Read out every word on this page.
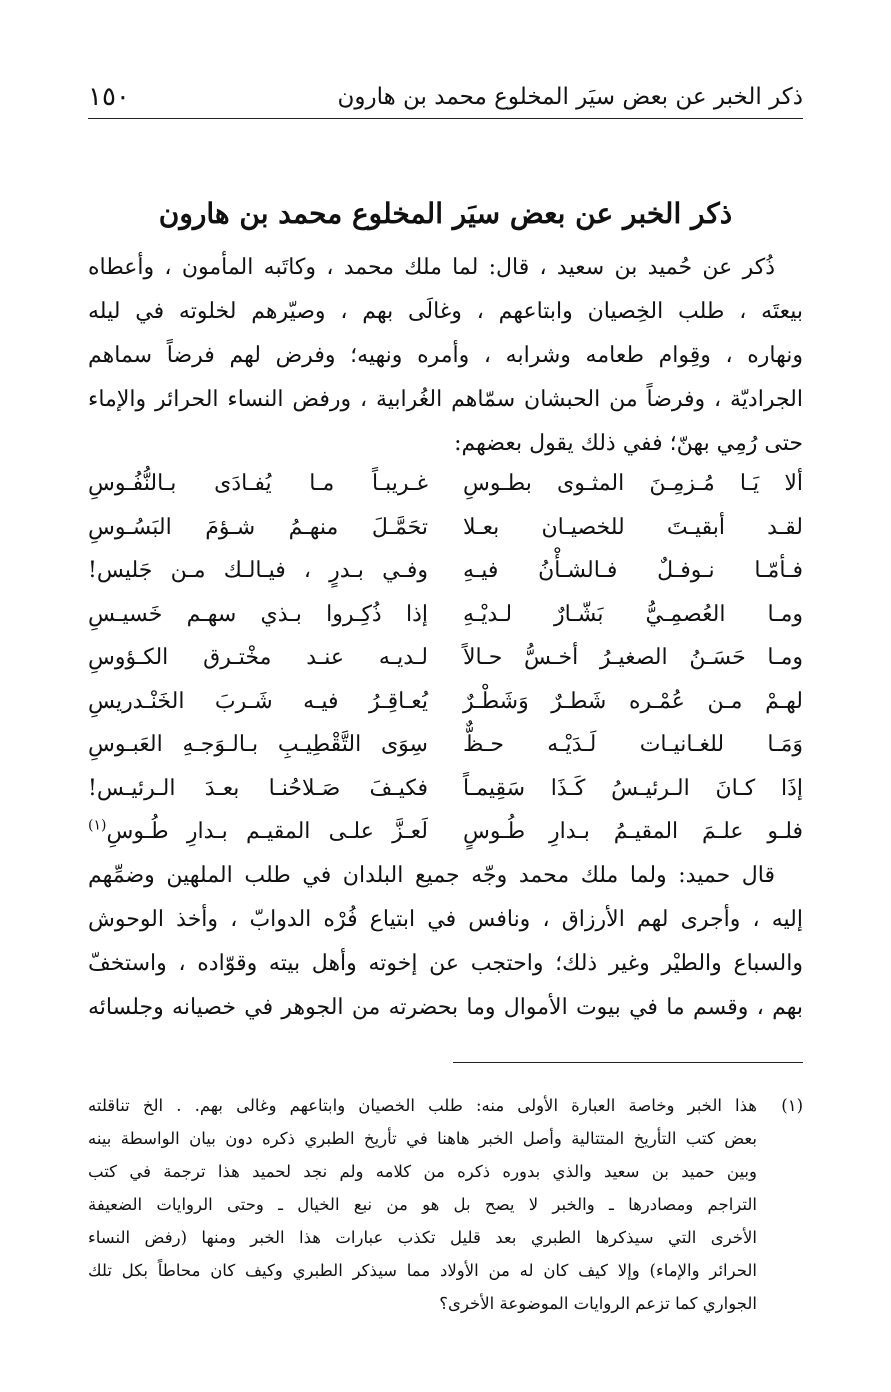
ذكر الخبر عن بعض سيَر المخلوع محمد بن هارون
١٥٠
ذكر الخبر عن بعض سيَر المخلوع محمد بن هارون
ذُكر عن حُميد بن سعيد ، قال: لما ملك محمد ، وكاتَبه المأمون ، وأعطاه
بيعتَه ، طلب الخِصيان وابتاعهم ، وغالَى بهم ، وصيّرهم لخلوته في ليله
ونهاره ، وقِوام طعامه وشرابه ، وأمره ونهيه؛ وفرض لهم فرضاً سماهم
الجراديّة ، وفرضاً من الحبشان سمّاهم الغُرابية ، ورفض النساء الحرائر والإماء
حتى رُمِي بهنّ؛ ففي ذلك يقول بعضهم:
ألا يَـا مُـزمِـنَ المثـوى بطـوسِ
غـريبـاً مـا يُفـادَى بـالنُّفُـوسِ
لقـد أبقيـتَ للخصيـان بعـلا
تحَمَّـلَ منهـمُ شـؤمَ البَسُـوسِ
فـأمّـا نـوفـلٌ فـالشـأْنُ فيـهِ
وفـي بـدرٍ ، فيـالـك مـن جَليس!
ومـا العُصمِـيُّ بَشّـارٌ لـديْـهِ
إذا ذُكِـروا بـذي سهـم خَسيـسِ
ومـا حَسَـنُ الصغيـرُ أخـسُّ حـالاً
لـديـه عنـد مخْتـرق الكـؤوسِ
لهـمْ مـن عُمْـره شَطـرٌ وَشَطْـرٌ
يُعـاقِـرُ فيـه شَـربَ الخَنْـدريسِ
وَمَـا للغـانيـات لَـدَيْـه حـظٌّ
سِوَى التَّقْطِيـبِ بـالـوَجـهِ العَبـوسِ
إذَا كـانَ الـرئيـسُ كَـذَا سَقِيمـاً
فكيـفَ صَـلاحُنـا بعـدَ الـرئيـس!
فلـو علـمَ المقيـمُ بـدارِ طُـوسٍ
لَعـزَّ علـى المقيـم بـدارِ طُـوسِ$^{(١)}$
قال حميد: ولما ملك محمد وجّه جميع البلدان في طلب الملهين وضمِّهم
إليه ، وأجرى لهم الأرزاق ، ونافس في ابتياع فُرْه الدوابّ ، وأخذ الوحوش
والسباع والطيْر وغير ذلك؛ واحتجب عن إخوته وأهل بيته وقوّاده ، واستخفّ
بهم ، وقسم ما في بيوت الأموال وما بحضرته من الجوهر في خصيانه وجلسائه
(١)
هذا الخبر وخاصة العبارة الأولى منه: طلب الخصيان وابتاعهم وغالى بهم. . الخ تناقلته
بعض كتب التأريخ المتتالية وأصل الخبر هاهنا في تأريخ الطبري ذكره دون بيان الواسطة بينه
وبين حميد بن سعيد والذي بدوره ذكره من كلامه ولم نجد لحميد هذا ترجمة في كتب
التراجم ومصادرها ـ والخبر لا يصح بل هو من نبع الخيال ـ وحتى الروايات الضعيفة
الأخرى التي سيذكرها الطبري بعد قليل تكذب عبارات هذا الخبر ومنها (رفض النساء
الحرائر والإماء) وإلا كيف كان له من الأولاد مما سيذكر الطبري وكيف كان محاطاً بكل تلك
الجواري كما تزعم الروايات الموضوعة الأخرى؟
